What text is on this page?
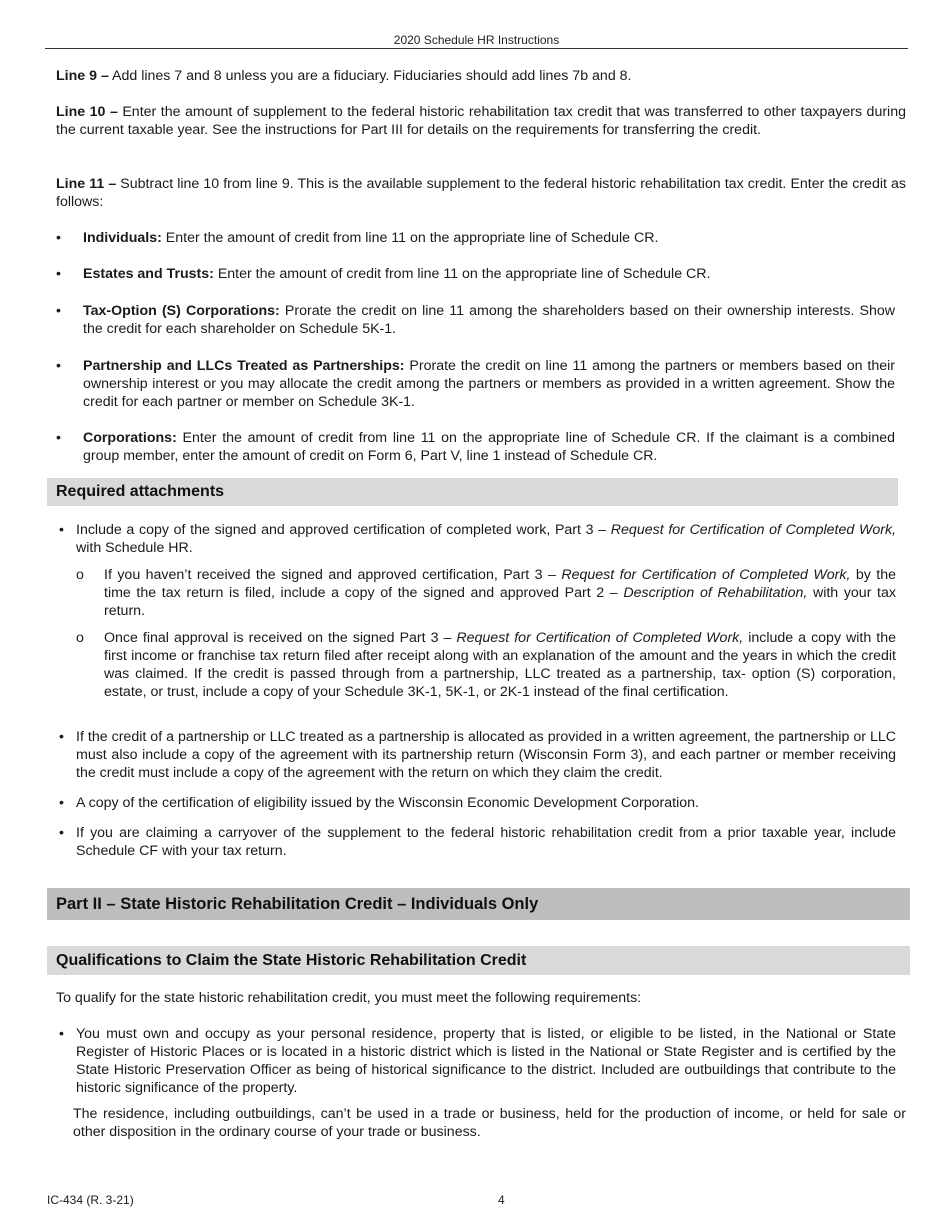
2020 Schedule HR Instructions
Line 9 – Add lines 7 and 8 unless you are a fiduciary. Fiduciaries should add lines 7b and 8.
Line 10 – Enter the amount of supplement to the federal historic rehabilitation tax credit that was transferred to other taxpayers during the current taxable year. See the instructions for Part III for details on the requirements for transferring the credit.
Line 11 – Subtract line 10 from line 9. This is the available supplement to the federal historic rehabilitation tax credit. Enter the credit as follows:
•	Individuals: Enter the amount of credit from line 11 on the appropriate line of Schedule CR.
•	Estates and Trusts: Enter the amount of credit from line 11 on the appropriate line of Schedule CR.
•	Tax-Option (S) Corporations: Prorate the credit on line 11 among the shareholders based on their ownership interests. Show the credit for each shareholder on Schedule 5K-1.
•	Partnership and LLCs Treated as Partnerships: Prorate the credit on line 11 among the partners or members based on their ownership interest or you may allocate the credit among the partners or members as provided in a written agreement. Show the credit for each partner or member on Schedule 3K-1.
•	Corporations: Enter the amount of credit from line 11 on the appropriate line of Schedule CR. If the claimant is a combined group member, enter the amount of credit on Form 6, Part V, line 1 instead of Schedule CR.
Required attachments
• Include a copy of the signed and approved certification of completed work, Part 3 – Request for Certification of Completed Work, with Schedule HR.
o If you haven’t received the signed and approved certification, Part 3 – Request for Certification of Completed Work, by the time the tax return is filed, include a copy of the signed and approved Part 2 – Description of Rehabilitation, with your tax return.
o Once final approval is received on the signed Part 3 – Request for Certification of Completed Work, include a copy with the first income or franchise tax return filed after receipt along with an explanation of the amount and the years in which the credit was claimed. If the credit is passed through from a partnership, LLC treated as a partnership, tax- option (S) corporation, estate, or trust, include a copy of your Schedule 3K-1, 5K-1, or 2K-1 instead of the final certification.
• If the credit of a partnership or LLC treated as a partnership is allocated as provided in a written agreement, the partnership or LLC must also include a copy of the agreement with its partnership return (Wisconsin Form 3), and each partner or member receiving the credit must include a copy of the agreement with the return on which they claim the credit.
• A copy of the certification of eligibility issued by the Wisconsin Economic Development Corporation.
• If you are claiming a carryover of the supplement to the federal historic rehabilitation credit from a prior taxable year, include Schedule CF with your tax return.
Part II – State Historic Rehabilitation Credit – Individuals Only
Qualifications to Claim the State Historic Rehabilitation Credit
To qualify for the state historic rehabilitation credit, you must meet the following requirements:
• You must own and occupy as your personal residence, property that is listed, or eligible to be listed, in the National or State Register of Historic Places or is located in a historic district which is listed in the National or State Register and is certified by the State Historic Preservation Officer as being of historical significance to the district. Included are outbuildings that contribute to the historic significance of the property.
The residence, including outbuildings, can’t be used in a trade or business, held for the production of income, or held for sale or other disposition in the ordinary course of your trade or business.
IC-434 (R. 3-21)	4
